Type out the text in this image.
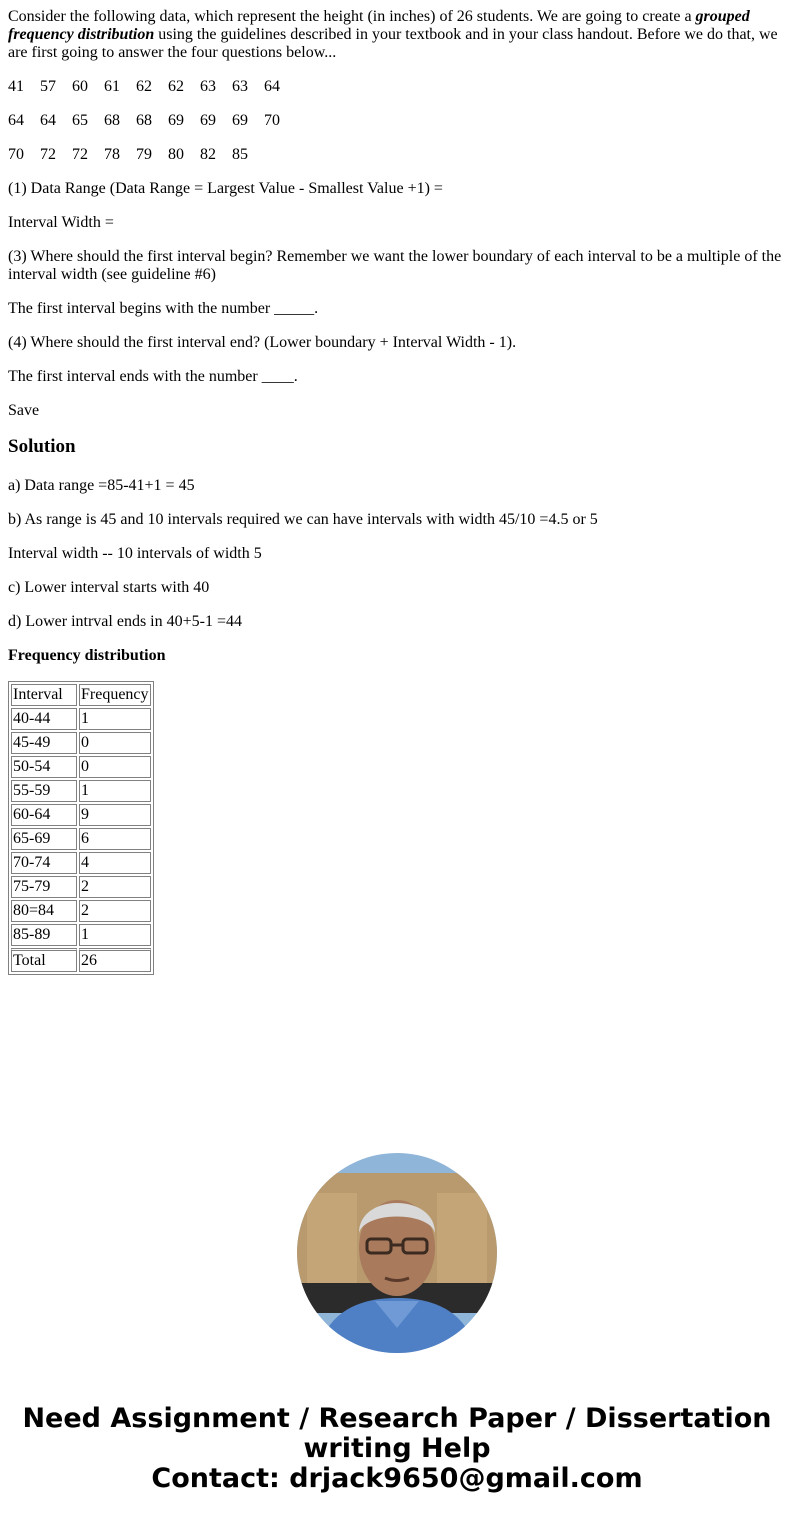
Consider the following data, which represent the height (in inches) of 26 students. We are going to create a grouped frequency distribution using the guidelines described in your textbook and in your class handout. Before we do that, we are first going to answer the four questions below...

41 57 60 61 62 62 63 63 64

64 64 65 68 68 69 69 69 70

70 72 72 78 79 80 82 85

(1) Data Range (Data Range = Largest Value - Smallest Value +1) =

Interval Width =

(3) Where should the first interval begin? Remember we want the lower boundary of each interval to be a multiple of the interval width (see guideline #6)

The first interval begins with the number _____.

(4) Where should the first interval end? (Lower boundary + Interval Width - 1).

The first interval ends with the number ____.

Save

Solution

a) Data range =85-41+1 = 45

b) As range is 45 and 10 intervals required we can have intervals with width 45/10 =4.5 or 5

Interval width -- 10 intervals of width 5

c) Lower interval starts with 40

d) Lower intrval ends in 40+5-1 =44

Frequency distribution

Interval	Frequency
40-44	1
45-49	0
50-54	0
55-59	1
60-64	9
65-69	6
70-74	4
75-79	2
80=84	2
85-89	1
Total	26
Need Assignment / Research Paper / Dissertation
writing Help
Contact: drjack9650@gmail.com
